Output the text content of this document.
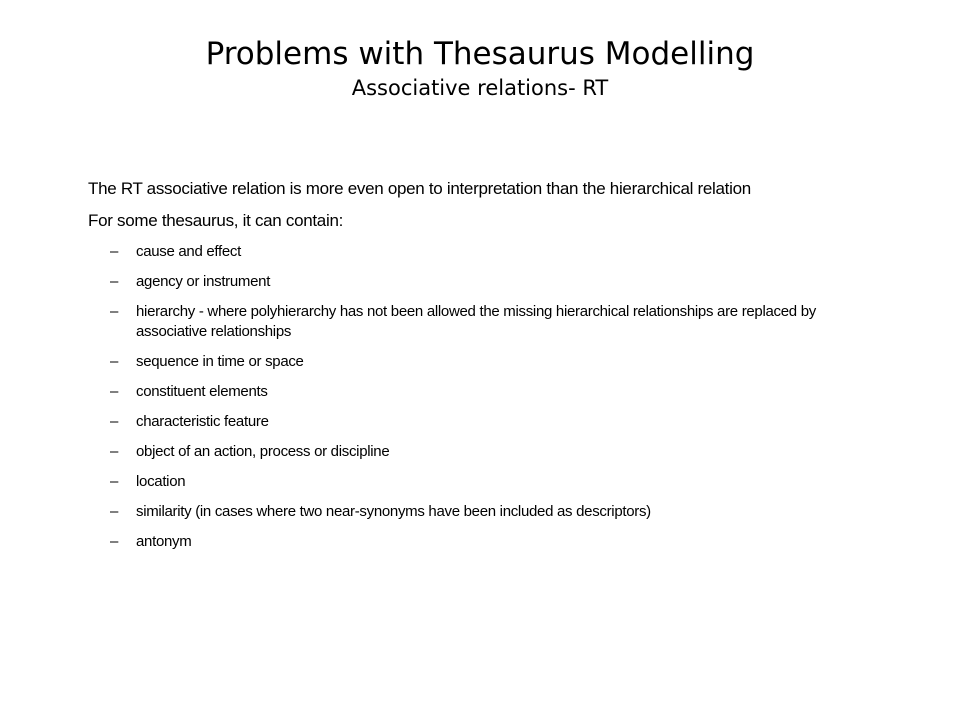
Problems with Thesaurus Modelling
Associative relations- RT

The RT associative relation is more even open to interpretation than the hierarchical relation

For some thesaurus, it can contain:

– cause and effect
– agency or instrument
– hierarchy - where polyhierarchy has not been allowed the missing hierarchical relationships are replaced by associative relationships
– sequence in time or space
– constituent elements
– characteristic feature
– object of an action, process or discipline
– location
– similarity (in cases where two near-synonyms have been included as descriptors)
– antonym
